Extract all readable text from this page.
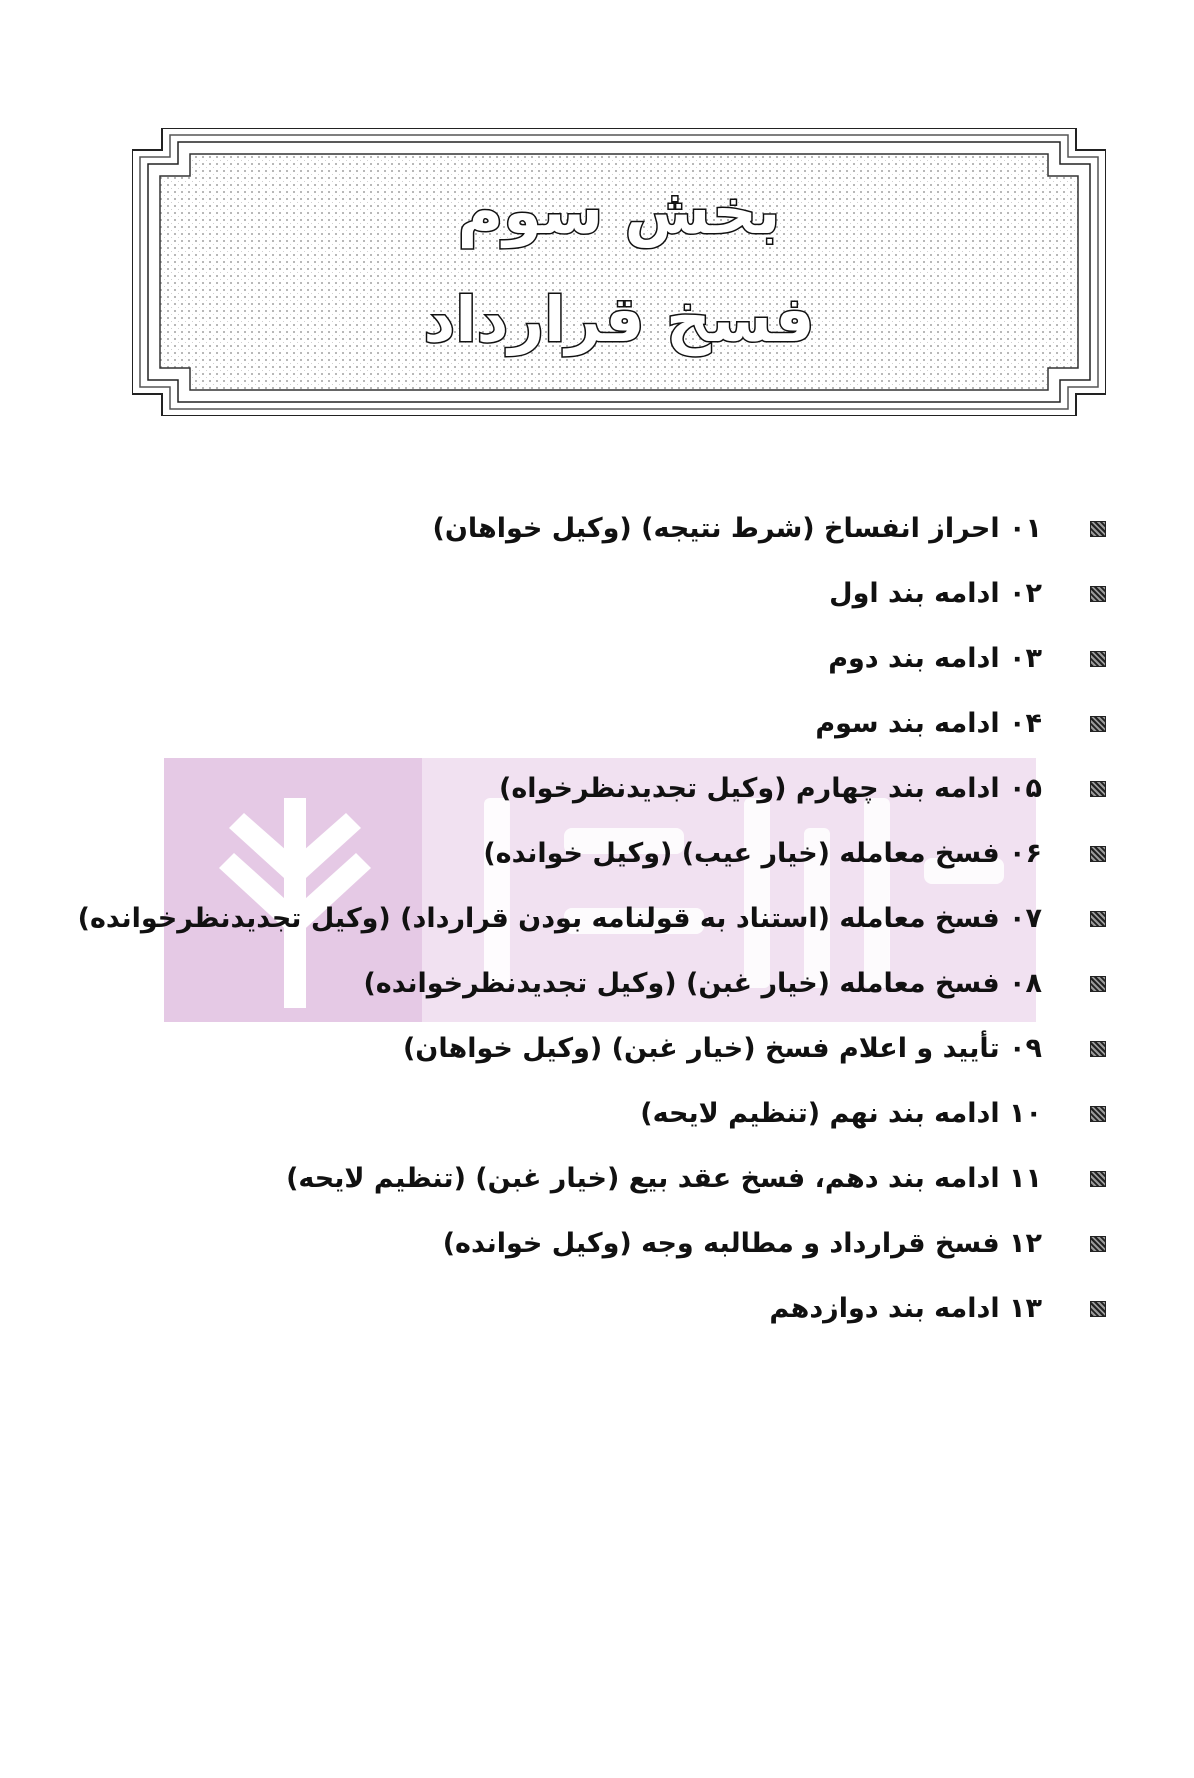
بخش سوم
فسخ قرارداد
۰۱ احراز انفساخ (شرط نتیجه) (وکیل خواهان)
۰۲ ادامه بند اول
۰۳ ادامه بند دوم
۰۴ ادامه بند سوم
۰۵ ادامه بند چهارم (وکیل تجدیدنظرخواه)
۰۶ فسخ معامله (خیار عیب) (وکیل خوانده)
۰۷ فسخ معامله (استناد به قولنامه بودن قرارداد) (وکیل تجدیدنظرخوانده)
۰۸ فسخ معامله (خیار غبن) (وکیل تجدیدنظرخوانده)
۰۹ تأیید و اعلام فسخ (خیار غبن) (وکیل خواهان)
۱۰ ادامه بند نهم (تنظیم لایحه)
۱۱ ادامه بند دهم، فسخ عقد بیع (خیار غبن) (تنظیم لایحه)
۱۲ فسخ قرارداد و مطالبه وجه (وکیل خوانده)
۱۳ ادامه بند دوازدهم
